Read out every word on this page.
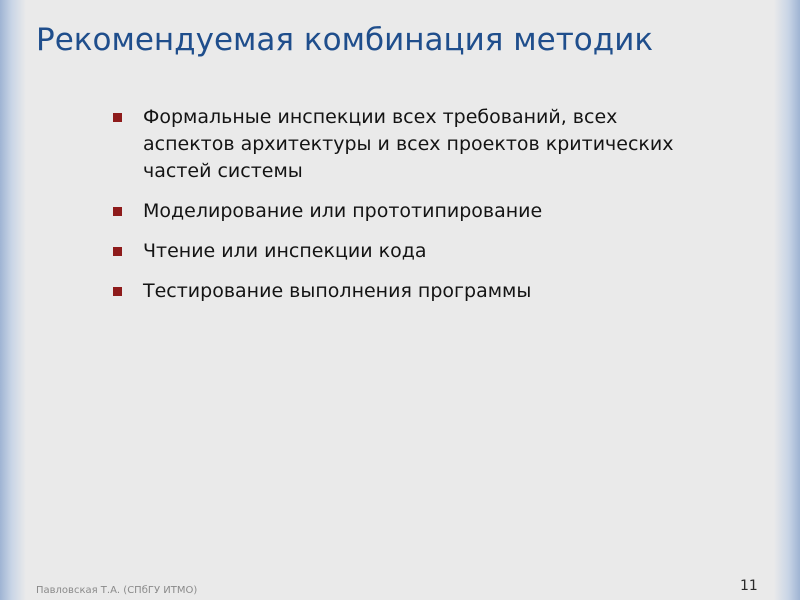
Рекомендуемая комбинация методик
Формальные инспекции всех требований, всех аспектов архитектуры и всех проектов критических частей системы
Моделирование или прототипирование
Чтение или инспекции кода
Тестирование выполнения программы
Павловская Т.А. (СПбГУ ИТМО)	11
